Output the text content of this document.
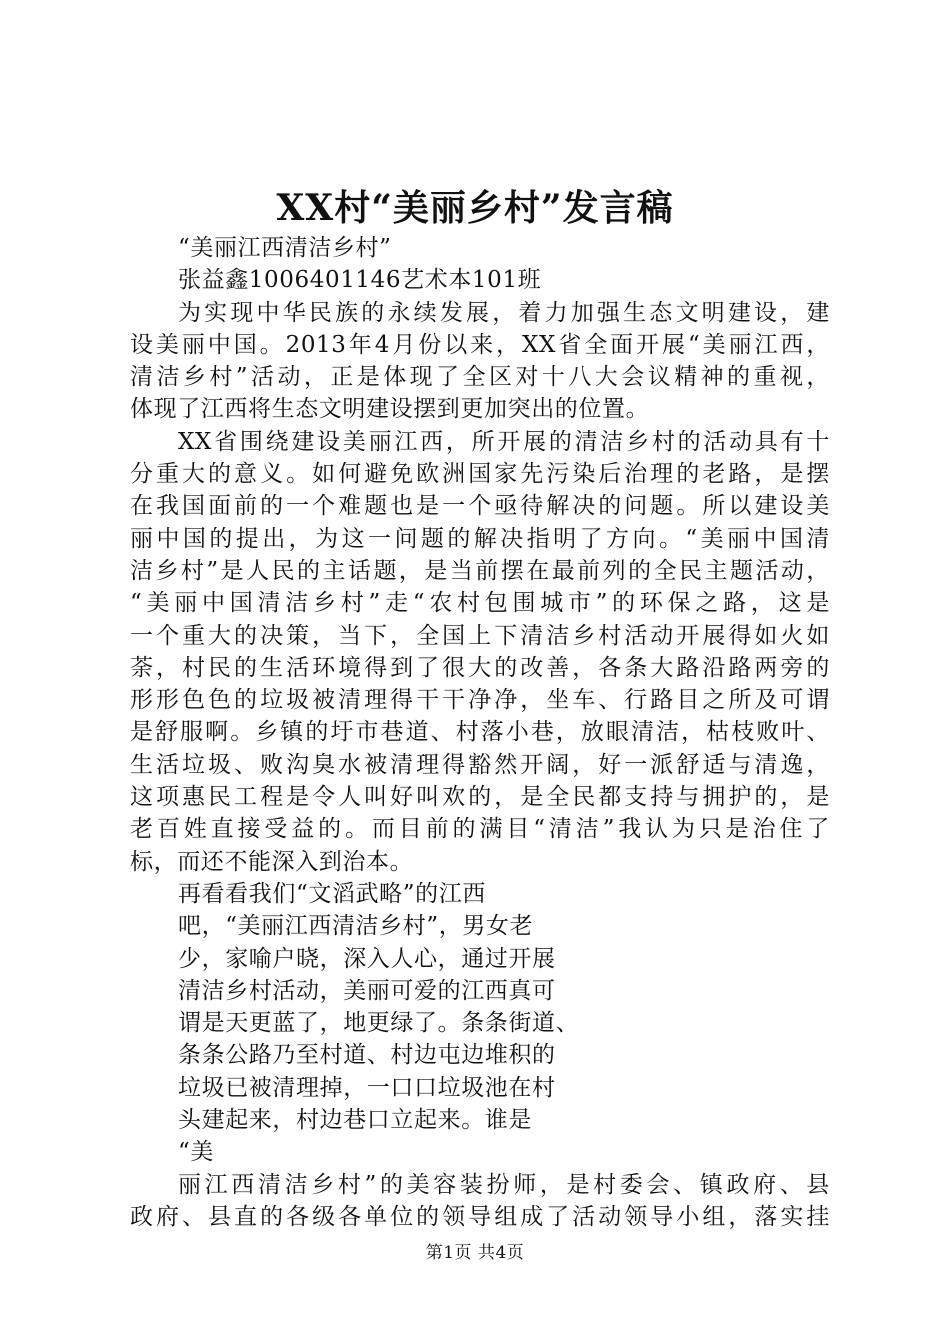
XX村“美丽乡村”发言稿
“美丽江西清洁乡村”
张益鑫1006401146艺术本101班
为实现中华民族的永续发展，着力加强生态文明建设，建
设美丽中国。2013年4月份以来，XX省全面开展“美丽江西，
清洁乡村”活动，正是体现了全区对十八大会议精神的重视，
体现了江西将生态文明建设摆到更加突出的位置。
XX省围绕建设美丽江西，所开展的清洁乡村的活动具有十
分重大的意义。如何避免欧洲国家先污染后治理的老路，是摆
在我国面前的一个难题也是一个亟待解决的问题。所以建设美
丽中国的提出，为这一问题的解决指明了方向。“美丽中国清
洁乡村”是人民的主话题，是当前摆在最前列的全民主题活动，
“美丽中国清洁乡村”走“农村包围城市”的环保之路，这是
一个重大的决策，当下，全国上下清洁乡村活动开展得如火如
荼，村民的生活环境得到了很大的改善，各条大路沿路两旁的
形形色色的垃圾被清理得干干净净，坐车、行路目之所及可谓
是舒服啊。乡镇的圩市巷道、村落小巷，放眼清洁，枯枝败叶、
生活垃圾、败沟臭水被清理得豁然开阔，好一派舒适与清逸，
这项惠民工程是令人叫好叫欢的，是全民都支持与拥护的，是
老百姓直接受益的。而目前的满目“清洁”我认为只是治住了
标，而还不能深入到治本。
再看看我们“文滔武略”的江西
吧，“美丽江西清洁乡村”，男女老
少，家喻户晓，深入人心，通过开展
清洁乡村活动，美丽可爱的江西真可
谓是天更蓝了，地更绿了。条条街道、
条条公路乃至村道、村边屯边堆积的
垃圾已被清理掉，一口口垃圾池在村
头建起来，村边巷口立起来。谁是
“美
丽江西清洁乡村”的美容装扮师，是村委会、镇政府、县
政府、县直的各级各单位的领导组成了活动领导小组，落实挂
第1页 共4页
